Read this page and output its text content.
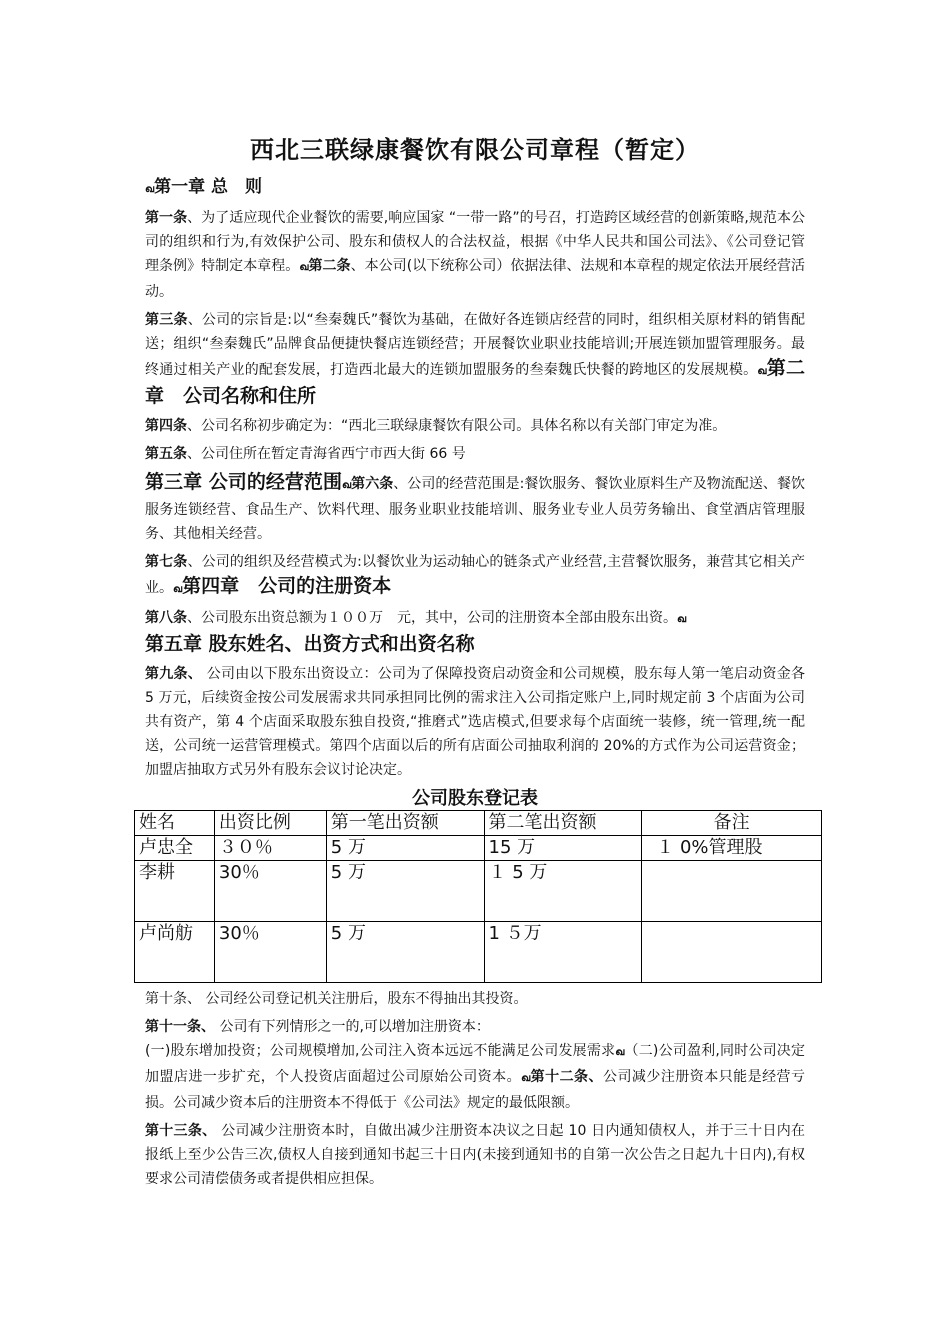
西北三联绿康餐饮有限公司章程（暂定）

ഖ第一章 总　则

第一条、为了适应现代企业餐饮的需要,响应国家 “一带一路”的号召，打造跨区域经营的创新策略,规范本公司的组织和行为,有效保护公司、股东和债权人的合法权益，根据《中华人民共和国公司法》、《公司登记管理条例》特制定本章程。ഖ第二条、本公司(以下统称公司）依据法律、法规和本章程的规定依法开展经营活动。

第三条、公司的宗旨是:以“叁秦魏氏”餐饮为基础，在做好各连锁店经营的同时，组织相关原材料的销售配送；组织“叁秦魏氏”品牌食品便捷快餐店连锁经营；开展餐饮业职业技能培训;开展连锁加盟管理服务。最终通过相关产业的配套发展，打造西北最大的连锁加盟服务的叁秦魏氏快餐的跨地区的发展规模。ഖ第二章　公司名称和住所

第四条、公司名称初步确定为：“西北三联绿康餐饮有限公司。具体名称以有关部门审定为准。

第五条、公司住所在暂定青海省西宁市西大街 66 号

第三章 公司的经营范围ഖ第六条、公司的经营范围是:餐饮服务、餐饮业原料生产及物流配送、餐饮服务连锁经营、食品生产、饮料代理、服务业职业技能培训、服务业专业人员劳务输出、食堂酒店管理服务、其他相关经营。

第七条、公司的组织及经营模式为:以餐饮业为运动轴心的链条式产业经营,主营餐饮服务，兼营其它相关产业。ഖ第四章　公司的注册资本

第八条、公司股东出资总额为１００万　元，其中，公司的注册资本全部由股东出资。ഖ
第五章 股东姓名、出资方式和出资名称

第九条、 公司由以下股东出资设立：公司为了保障投资启动资金和公司规模，股东每人第一笔启动资金各 5 万元，后续资金按公司发展需求共同承担同比例的需求注入公司指定账户上,同时规定前 3 个店面为公司共有资产，第 4 个店面采取股东独自投资,“推磨式”选店模式,但要求每个店面统一装修，统一管理,统一配送，公司统一运营管理模式。第四个店面以后的所有店面公司抽取利润的 20%的方式作为公司运营资金；加盟店抽取方式另外有股东会议讨论决定。

公司股东登记表
姓名	出资比例	第一笔出资额	第二笔出资额	备注
卢忠全	３０％	5 万	15 万	１ 0%管理股
李耕	30％	5 万	１ 5 万	
卢尚舫	30％	5 万	1 ５万	

第十条、 公司经公司登记机关注册后，股东不得抽出其投资。

第十一条、 公司有下列情形之一的,可以增加注册资本：
(一)股东增加投资；公司规模增加,公司注入资本远远不能满足公司发展需求ഖ（二)公司盈利,同时公司决定加盟店进一步扩充，个人投资店面超过公司原始公司资本。ഖ第十二条、公司减少注册资本只能是经营亏损。公司减少资本后的注册资本不得低于《公司法》规定的最低限额。

第十三条、 公司减少注册资本时，自做出减少注册资本决议之日起 10 日内通知债权人，并于三十日内在报纸上至少公告三次,债权人自接到通知书起三十日内(未接到通知书的自第一次公告之日起九十日内),有权要求公司清偿债务或者提供相应担保。
